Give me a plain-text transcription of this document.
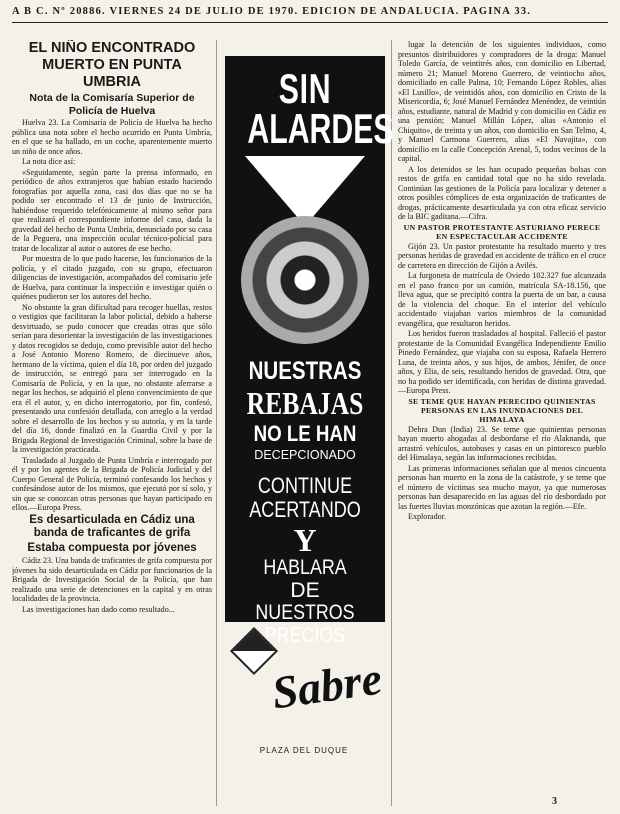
A B C. Nº 20886. VIERNES 24 DE JULIO DE 1970. EDICION DE ANDALUCIA. PAGINA 33.

EL NIÑO ENCONTRADO MUERTO EN PUNTA UMBRIA

Nota de la Comisaría Superior de Policía de Huelva

Huelva 23. La Comisaría de Policía de Huelva ha hecho pública una nota sobre el hecho ocurrido en Punta Umbría, en el que se ha hallado, en un coche, aparentemente muerto un niño de once años.

La nota dice así:

«Seguidamente, según parte la prensa informado, en periódico de años extranjeros que habían estado haciendo fotografías por aquella zona, casi dos días que no se ha podido ser encontrado el 13 de junio de Instrucción, habiéndose requerido telefónicamente al mismo señor para que realizará el correspondiente informe del caso, dada la gravedad del hecho de Punta Umbría, denunciado por su casa de la Peguera, una inspección ocular técnico-policial para tratar de localizar al autor o autores de ese hecho.

Por muestra de lo que pudo hacerse, los funcionarios de la policía, y el citado juzgado, con su grupo, efectuaron diligencias de investigación, acompañados del comisario jefe de Huelva, para continuar la inspección e investigar quién o quiénes pudieron ser los autores del hecho.

No obstante la gran dificultad para recoger huellas, restos o vestigios que facilitaran la labor policial, debido a haberse desvirtuado, se pudo conocer que creadas otras que sólo serían para desorientar la investigación de las investigaciones y datos recogidos se dedujo, como previsible autor del hecho a José Antonio Moreno Romero, de diecinueve años, hermano de la víctima, quien el día 18, por orden del juzgado de instrucción, se entregó para ser interrogado en la Comisaría de Policía, y en la que, no obstante aferrarse a negar los hechos, se adquirió el pleno convencimiento de que era él el autor, y, en dicho interrogatorio, por fin, confesó, presentando una confesión detallada, con arreglo a la verdad sobre el desarrollo de los hechos y su autoría, y en la tarde del día 16, donde finalizó en la Guardia Civil y por la Brigada Regional de Investigación Criminal, sobre la base de la investigación practicada.

Trasladado al Juzgado de Punta Umbría e interrogado por él y por los agentes de la Brigada de Policía Judicial y del Cuerpo General de Policía, terminó confesando los hechos y confesándose autor de los mismos, que ejecutó por sí solo, y sin que se conozcan otras personas que hayan participado en ellos.—Europa Press.

Es desarticulada en Cádiz una banda de traficantes de grifa

Estaba compuesta por jóvenes

Cádiz 23. Una banda de traficantes de grifa compuesta por jóvenes ha sido desarticulada en Cádiz por funcionarios de la Brigada de Investigación Social de la Policía, que han realizado una serie de detenciones en la capital y en otras localidades de la provincia.

Las investigaciones han dado como resultado...

SIN
ALARDES
NUESTRAS
REBAJAS
NO LE HAN
DECEPCIONADO
CONTINUE
ACERTANDO
Y
HABLARA
DE
NUESTROS
PRECIOS
Sabre
PLAZA DEL DUQUE

lugar la detención de los siguientes individuos, como presuntos distribuidores y compradores de la droga: Manuel Toledo García, de veintitrés años, con domicilio en Libertad, número 21; Manuel Moreno Guerrero, de veintiocho años, domiciliado en calle Palma, 10; Fernando López Robles, alias «El Lusillo», de veintidós años, con domicilio en Cristo de la Misericordia, 6; José Manuel Fernández Menéndez, de veintiún años, estudiante, natural de Madrid y con domicilio en Cádiz en una pensión; Manuel Millán López, alias «Antonio el Chiquito», de treinta y un años, con domicilio en San Telmo, 4, y Manuel Carmona Guerrero, alias «El Navajita», con domicilio en la calle Concepción Arenal, 5, todos vecinos de la capital.

A los detenidos se les han ocupado pequeñas bolsas con restos de grifa en cantidad total que no ha sido revelada. Continúan las gestiones de la Policía para localizar y detener a otros posibles cómplices de esta organización de traficantes de drogas, prácticamente desarticulada ya con otra eficaz servicio de la BIC gaditana.—Cifra.

UN PASTOR PROTESTANTE ASTURIANO PERECE EN ESPECTACULAR ACCIDENTE

Gijón 23. Un pastor protestante ha resultado muerto y tres personas heridas de gravedad en accidente de tráfico en el cruce de carretera en dirección de Gijón a Avilés.

La furgoneta de matrícula de Oviedo 102.327 fue alcanzada en el paso franco por un camión, matrícula SA-18.156, que lleva agua, que se precipitó contra la puerta de un bar, a causa de la violencia del choque. En el interior del vehículo accidentado viajaban varios miembros de la comunidad evangélica, que resultaron heridos.

Los heridos fueron trasladados al hospital. Falleció el pastor protestante de la Comunidad Evangélica Independiente Emilio Pinedo Fernández, que viajaba con su esposa, Rafaela Herrero Luna, de treinta años, y sus hijos, de ambos, Jénifer, de once años, y Elia, de seis, resultando heridos de gravedad. Otra, que no ha podido ser identificada, con heridas de distinta gravedad.—Europa Press.

SE TEME QUE HAYAN PERECIDO QUINIENTAS PERSONAS EN LAS INUNDACIONES DEL HIMALAYA

Dehra Dun (India) 23. Se teme que quinientas personas hayan muerto ahogadas al desbordarse el río Alaknanda, que arrastró vehículos, autobuses y casas en un pintoresco pueblo del Himalaya, según las informaciones recibidas.

Las primeras informaciones señalan que al menos cincuenta personas han muerto en la zona de la catástrofe, y se teme que el número de víctimas sea mucho mayor, ya que numerosas personas han desaparecido en las aguas del río desbordado por las fuertes lluvias monzónicas que azotan la región.—Efe.

Explorador.

3
